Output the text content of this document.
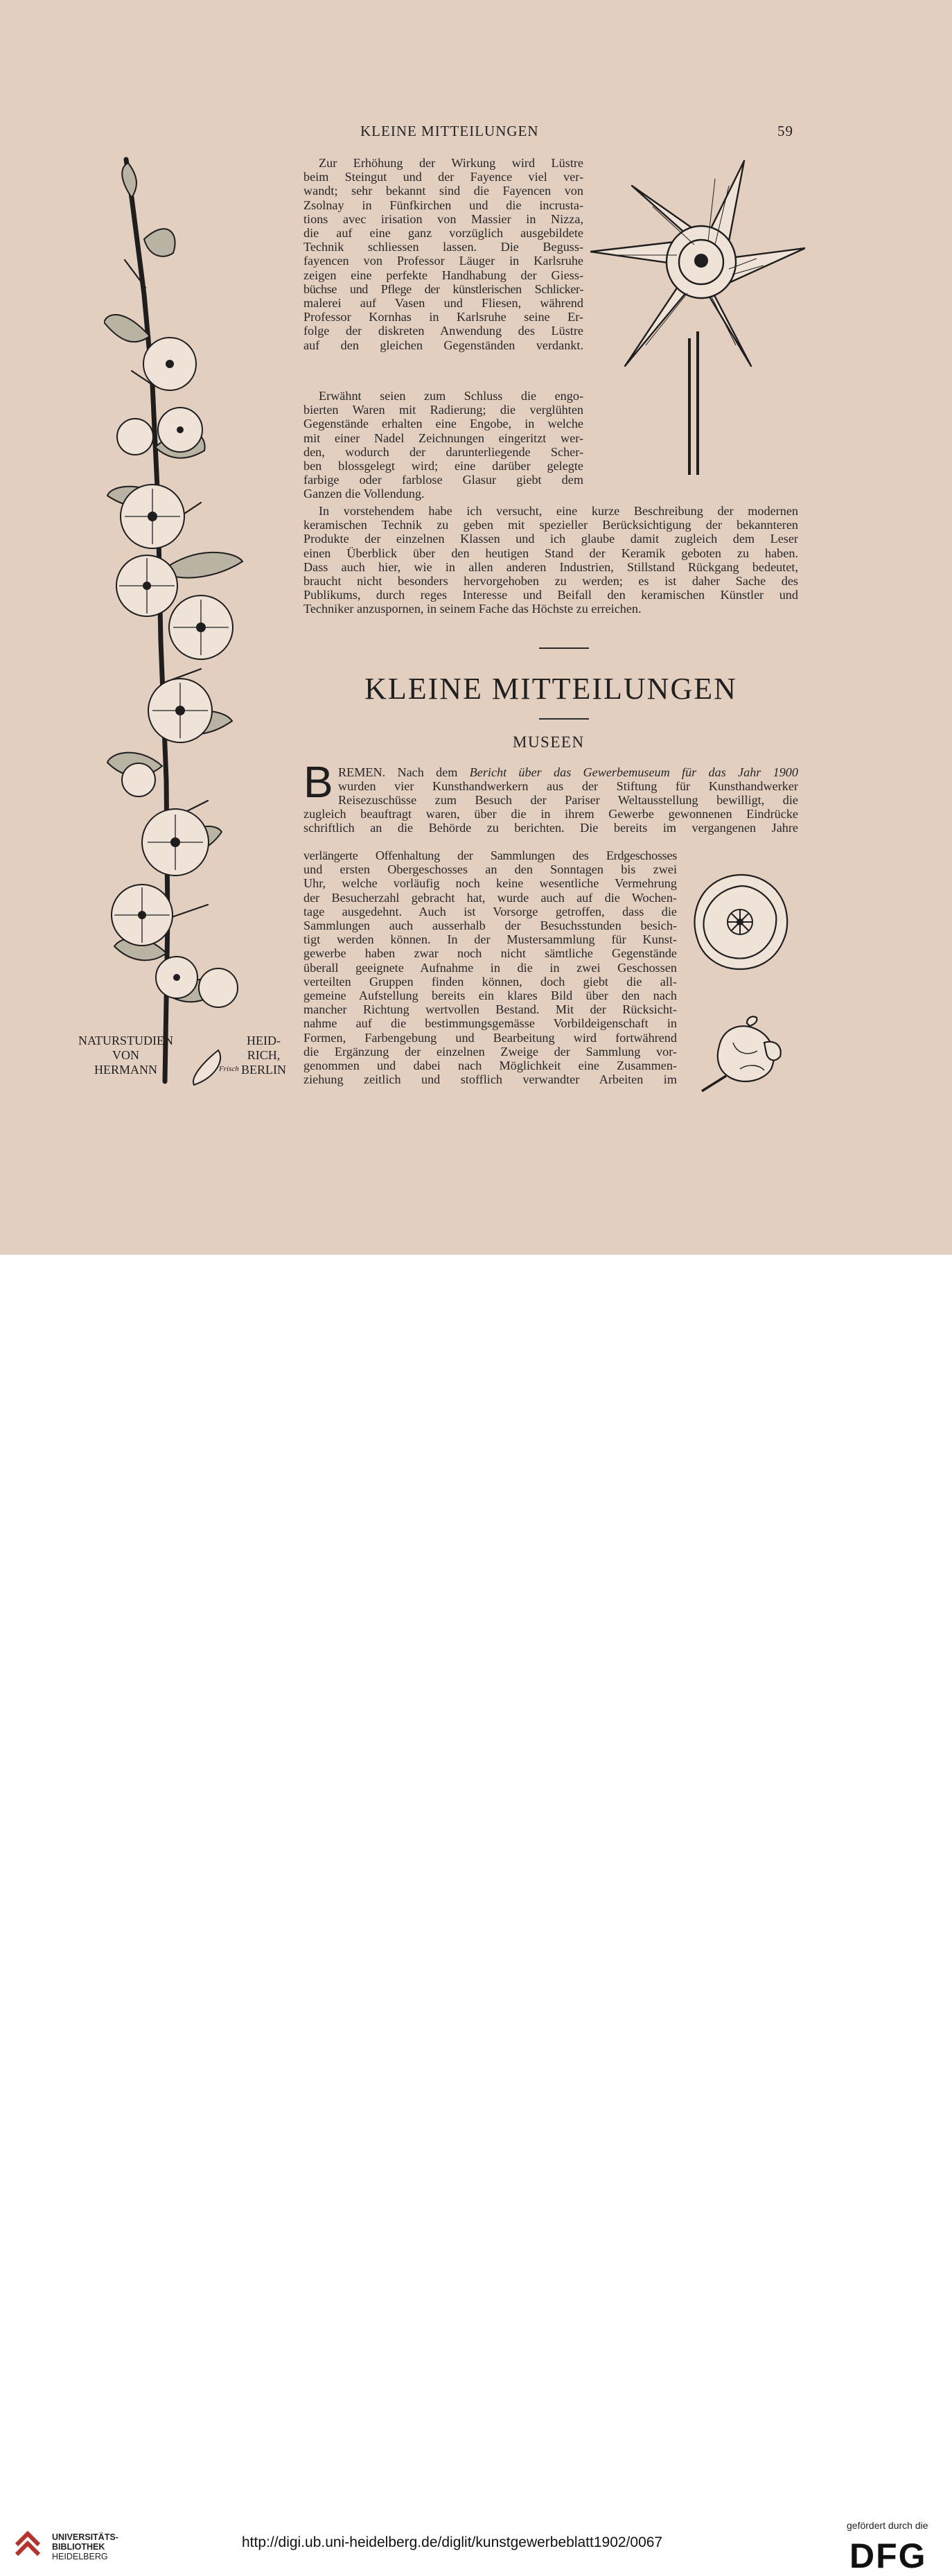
KLEINE MITTEILUNGEN	59

Zur Erhöhung der Wirkung wird Lüstre
beim Steingut und der Fayence viel ver-
wandt; sehr bekannt sind die Fayencen von
Zsolnay in Fünfkirchen und die incrusta-
tions avec irisation von Massier in Nizza,
die auf eine ganz vorzüglich ausgebildete
Technik schliessen lassen. Die Beguss-
fayencen von Professor Läuger in Karlsruhe
zeigen eine perfekte Handhabung der Giess-
büchse und Pflege der künstlerischen Schlicker-
malerei auf Vasen und Fliesen, während
Professor Kornhas in Karlsruhe seine Er-
folge der diskreten Anwendung des Lüstre
auf den gleichen Gegenständen verdankt.

Erwähnt seien zum Schluss die engo-
bierten Waren mit Radierung; die verglühten
Gegenstände erhalten eine Engobe, in welche
mit einer Nadel Zeichnungen eingeritzt wer-
den, wodurch der darunterliegende Scher-
ben blossgelegt wird; eine darüber gelegte
farbige oder farblose Glasur giebt dem
Ganzen die Vollendung.

In vorstehendem habe ich versucht, eine kurze Beschreibung der modernen
keramischen Technik zu geben mit spezieller Berücksichtigung der bekannteren
Produkte der einzelnen Klassen und ich glaube damit zugleich dem Leser
einen Überblick über den heutigen Stand der Keramik geboten zu haben.
Dass auch hier, wie in allen anderen Industrien, Stillstand Rückgang bedeutet,
braucht nicht besonders hervorgehoben zu werden; es ist daher Sache des
Publikums, durch reges Interesse und Beifall den keramischen Künstler und
Techniker anzuspornen, in seinem Fache das Höchste zu erreichen.

KLEINE MITTEILUNGEN
MUSEEN
B REMEN. Nach dem Bericht über das Gewerbemuseum für das Jahr 1900
wurden vier Kunsthandwerkern aus der Stiftung für Kunsthandwerker
Reisezuschüsse zum Besuch der Pariser Weltausstellung bewilligt, die

zugleich beauftragt waren, über die in ihrem Gewerbe gewonnenen Eindrücke
schriftlich an die Behörde zu berichten. Die bereits im vergangenen Jahre

verlängerte Offenhaltung der Sammlungen des Erdgeschosses
und ersten Obergeschosses an den Sonntagen bis zwei
Uhr, welche vorläufig noch keine wesentliche Vermehrung
der Besucherzahl gebracht hat, wurde auch auf die Wochen-
tage ausgedehnt. Auch ist Vorsorge getroffen, dass die
Sammlungen auch ausserhalb der Besuchsstunden besich-
tigt werden können. In der Mustersammlung für Kunst-
gewerbe haben zwar noch nicht sämtliche Gegenstände
überall geeignete Aufnahme in die in zwei Geschossen
verteilten Gruppen finden können, doch giebt die all-
gemeine Aufstellung bereits ein klares Bild über den nach
mancher Richtung wertvollen Bestand. Mit der Rücksicht-
nahme auf die bestimmungsgemässe Vorbildeigenschaft in
Formen, Farbengebung und Bearbeitung wird fortwährend
die Ergänzung der einzelnen Zweige der Sammlung vor-
genommen und dabei nach Möglichkeit eine Zusammen-
ziehung zeitlich und stofflich verwandter Arbeiten im

NATURSTUDIEN
VON
HERMANN
HEID-
RICH,
BERLIN
Frisch
UNIVERSITÄTS-
BIBLIOTHEK
HEIDELBERG
http://digi.ub.uni-heidelberg.de/diglit/kunstgewerbeblatt1902/0067
gefördert durch die
DFG
